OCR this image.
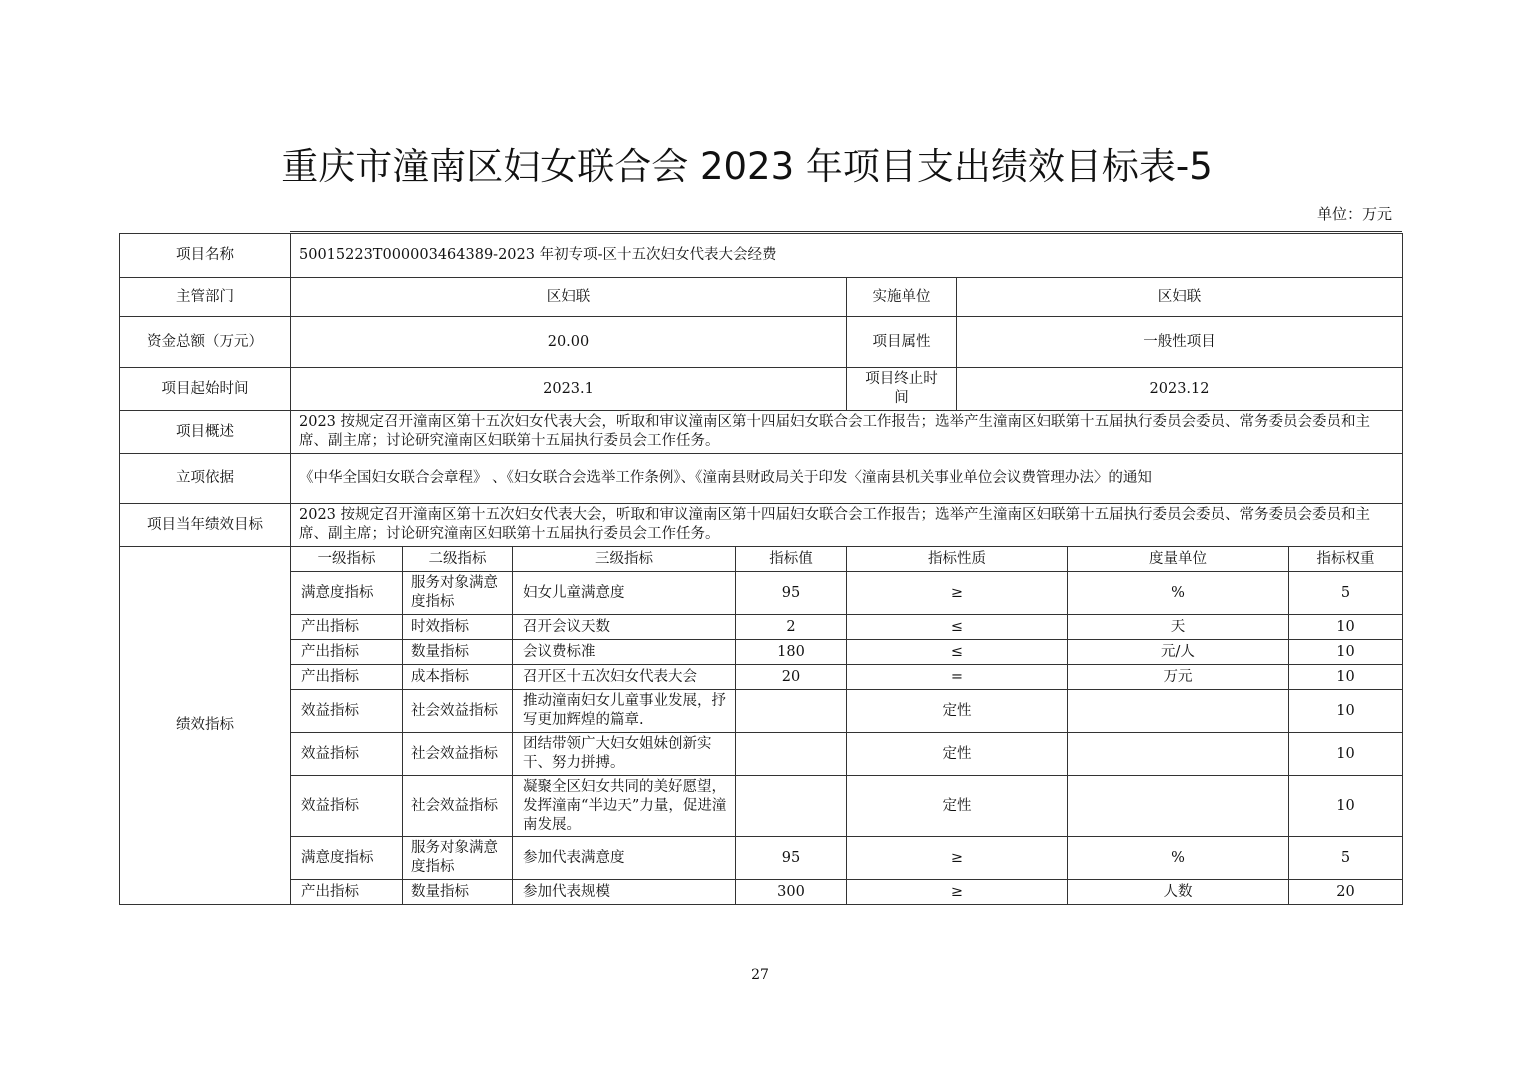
重庆市潼南区妇女联合会 2023 年项目支出绩效目标表-5
单位：万元
项目名称	50015223T000003464389-2023 年初专项-区十五次妇女代表大会经费							
主管部门	区妇联				实施单位	区妇联		
资金总额（万元）	20.00				项目属性	一般性项目		
项目起始时间	2023.1				项目终止时间	2023.12		
项目概述	2023 按规定召开潼南区第十五次妇女代表大会，听取和审议潼南区第十四届妇女联合会工作报告；选举产生潼南区妇联第十五届执行委员会委员、常务委员会委员和主席、副主席；讨论研究潼南区妇联第十五届执行委员会工作任务。							
立项依据	《中华全国妇女联合会章程》 、《妇女联合会选举工作条例》、《潼南县财政局关于印发〈潼南县机关事业单位会议费管理办法〉的通知							
项目当年绩效目标	2023 按规定召开潼南区第十五次妇女代表大会，听取和审议潼南区第十四届妇女联合会工作报告；选举产生潼南区妇联第十五届执行委员会委员、常务委员会委员和主席、副主席；讨论研究潼南区妇联第十五届执行委员会工作任务。							
绩效指标	一级指标	二级指标	三级指标	指标值	指标性质		度量单位	指标权重
	满意度指标	服务对象满意度指标	妇女儿童满意度	95	≥		%	5
	产出指标	时效指标	召开会议天数	2	≤		天	10
	产出指标	数量指标	会议费标准	180	≤		元/人	10
	产出指标	成本指标	召开区十五次妇女代表大会	20	=		万元	10
	效益指标	社会效益指标	推动潼南妇女儿童事业发展，抒写更加辉煌的篇章.		定性			10
	效益指标	社会效益指标	团结带领广大妇女姐妹创新实干、努力拼搏。		定性			10
	效益指标	社会效益指标	凝聚全区妇女共同的美好愿望，发挥潼南“半边天”力量，促进潼南发展。		定性			10
	满意度指标	服务对象满意度指标	参加代表满意度	95	≥		%	5
	产出指标	数量指标	参加代表规模	300	≥		人数	20
27
